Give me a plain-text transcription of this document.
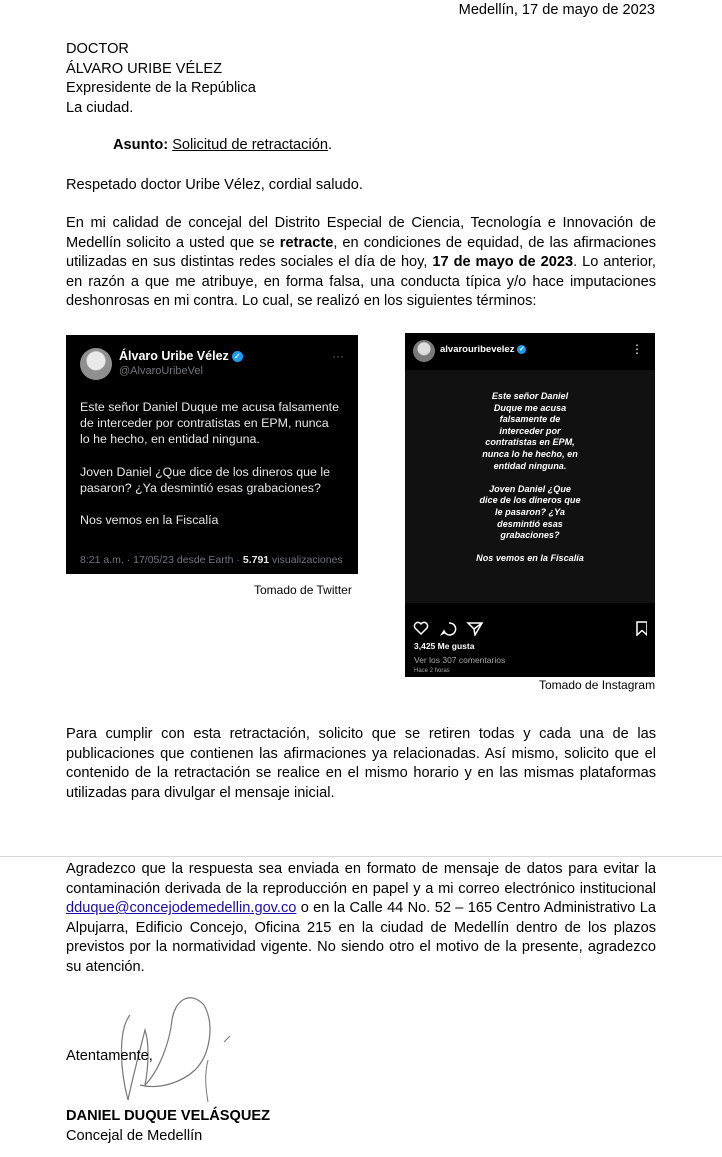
Medellín, 17 de mayo de 2023
DOCTOR
ÁLVARO URIBE VÉLEZ
Expresidente de la República
La ciudad.
Asunto: Solicitud de retractación.
Respetado doctor Uribe Vélez, cordial saludo.
En mi calidad de concejal del Distrito Especial de Ciencia, Tecnología e Innovación de
Medellín solicito a usted que se retracte, en condiciones de equidad, de las afirmaciones
utilizadas en sus distintas redes sociales el día de hoy, 17 de mayo de 2023. Lo anterior,
en razón a que me atribuye, en forma falsa, una conducta típica y/o hace imputaciones
deshonrosas en mi contra. Lo cual, se realizó en los siguientes términos:
Álvaro Uribe Vélez ✓
@AlvaroUribeVel
···
Este señor Daniel Duque me acusa falsamente
de interceder por contratistas en EPM, nunca
lo he hecho, en entidad ninguna.

Joven Daniel ¿Que dice de los dineros que le
pasaron? ¿Ya desmintió esas grabaciones?

Nos vemos en la Fiscalía
8:21 a.m. · 17/05/23 desde Earth · 5.791 visualizaciones
Tomado de Twitter
alvarouribevelez ✓	⋮
Este señor Daniel
Duque me acusa
falsamente de
interceder por
contratistas en EPM,
nunca lo he hecho, en
entidad ninguna.

Joven Daniel ¿Que
dice de los dineros que
le pasaron? ¿Ya
desmintió esas
grabaciones?

Nos vemos en la Fiscalía
3,425 Me gusta
Ver los 307 comentarios
Hace 2 horas
Tomado de Instagram
Para cumplir con esta retractación, solicito que se retiren todas y cada una de las
publicaciones que contienen las afirmaciones ya relacionadas. Así mismo, solicito que el
contenido de la retractación se realice en el mismo horario y en las mismas plataformas
utilizadas para divulgar el mensaje inicial.
Agradezco que la respuesta sea enviada en formato de mensaje de datos para evitar la
contaminación derivada de la reproducción en papel y a mi correo electrónico institucional
dduque@concejodemedellin.gov.co o en la Calle 44 No. 52 – 165 Centro Administrativo La
Alpujarra, Edificio Concejo, Oficina 215 en la ciudad de Medellín dentro de los plazos
previstos por la normatividad vigente. No siendo otro el motivo de la presente, agradezco
su atención.
Atentamente,
DANIEL DUQUE VELÁSQUEZ
Concejal de Medellín
